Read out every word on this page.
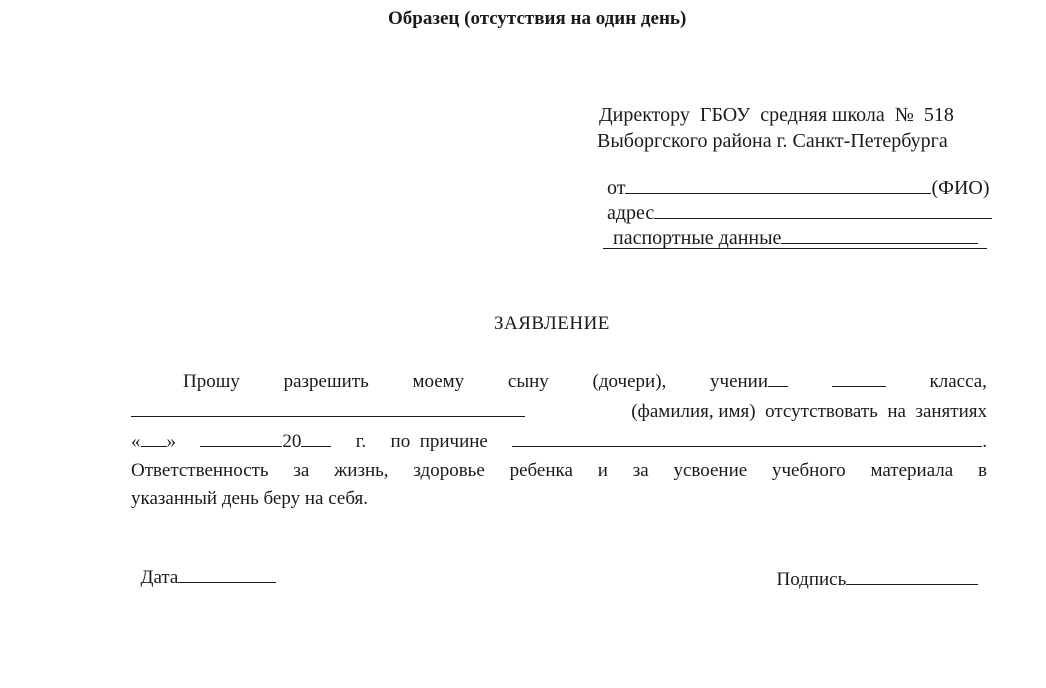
Образец (отсутствия на один день)
Директору  ГБОУ  средняя школа  №  518
Выборгского района г. Санкт-Петербурга

от	(ФИО)

адрес

паспортные данные

ЗАЯВЛЕНИЕ
Прошу разрешить моему сыну (дочери), учении	класса,
(фамилия, имя)  отсутствовать  на  занятиях
« »	20	г. по  причине	.
Ответственность за жизнь, здоровье ребенка и за усвоение учебного материала в
указанный день беру на себя.

Дата	Подпись
